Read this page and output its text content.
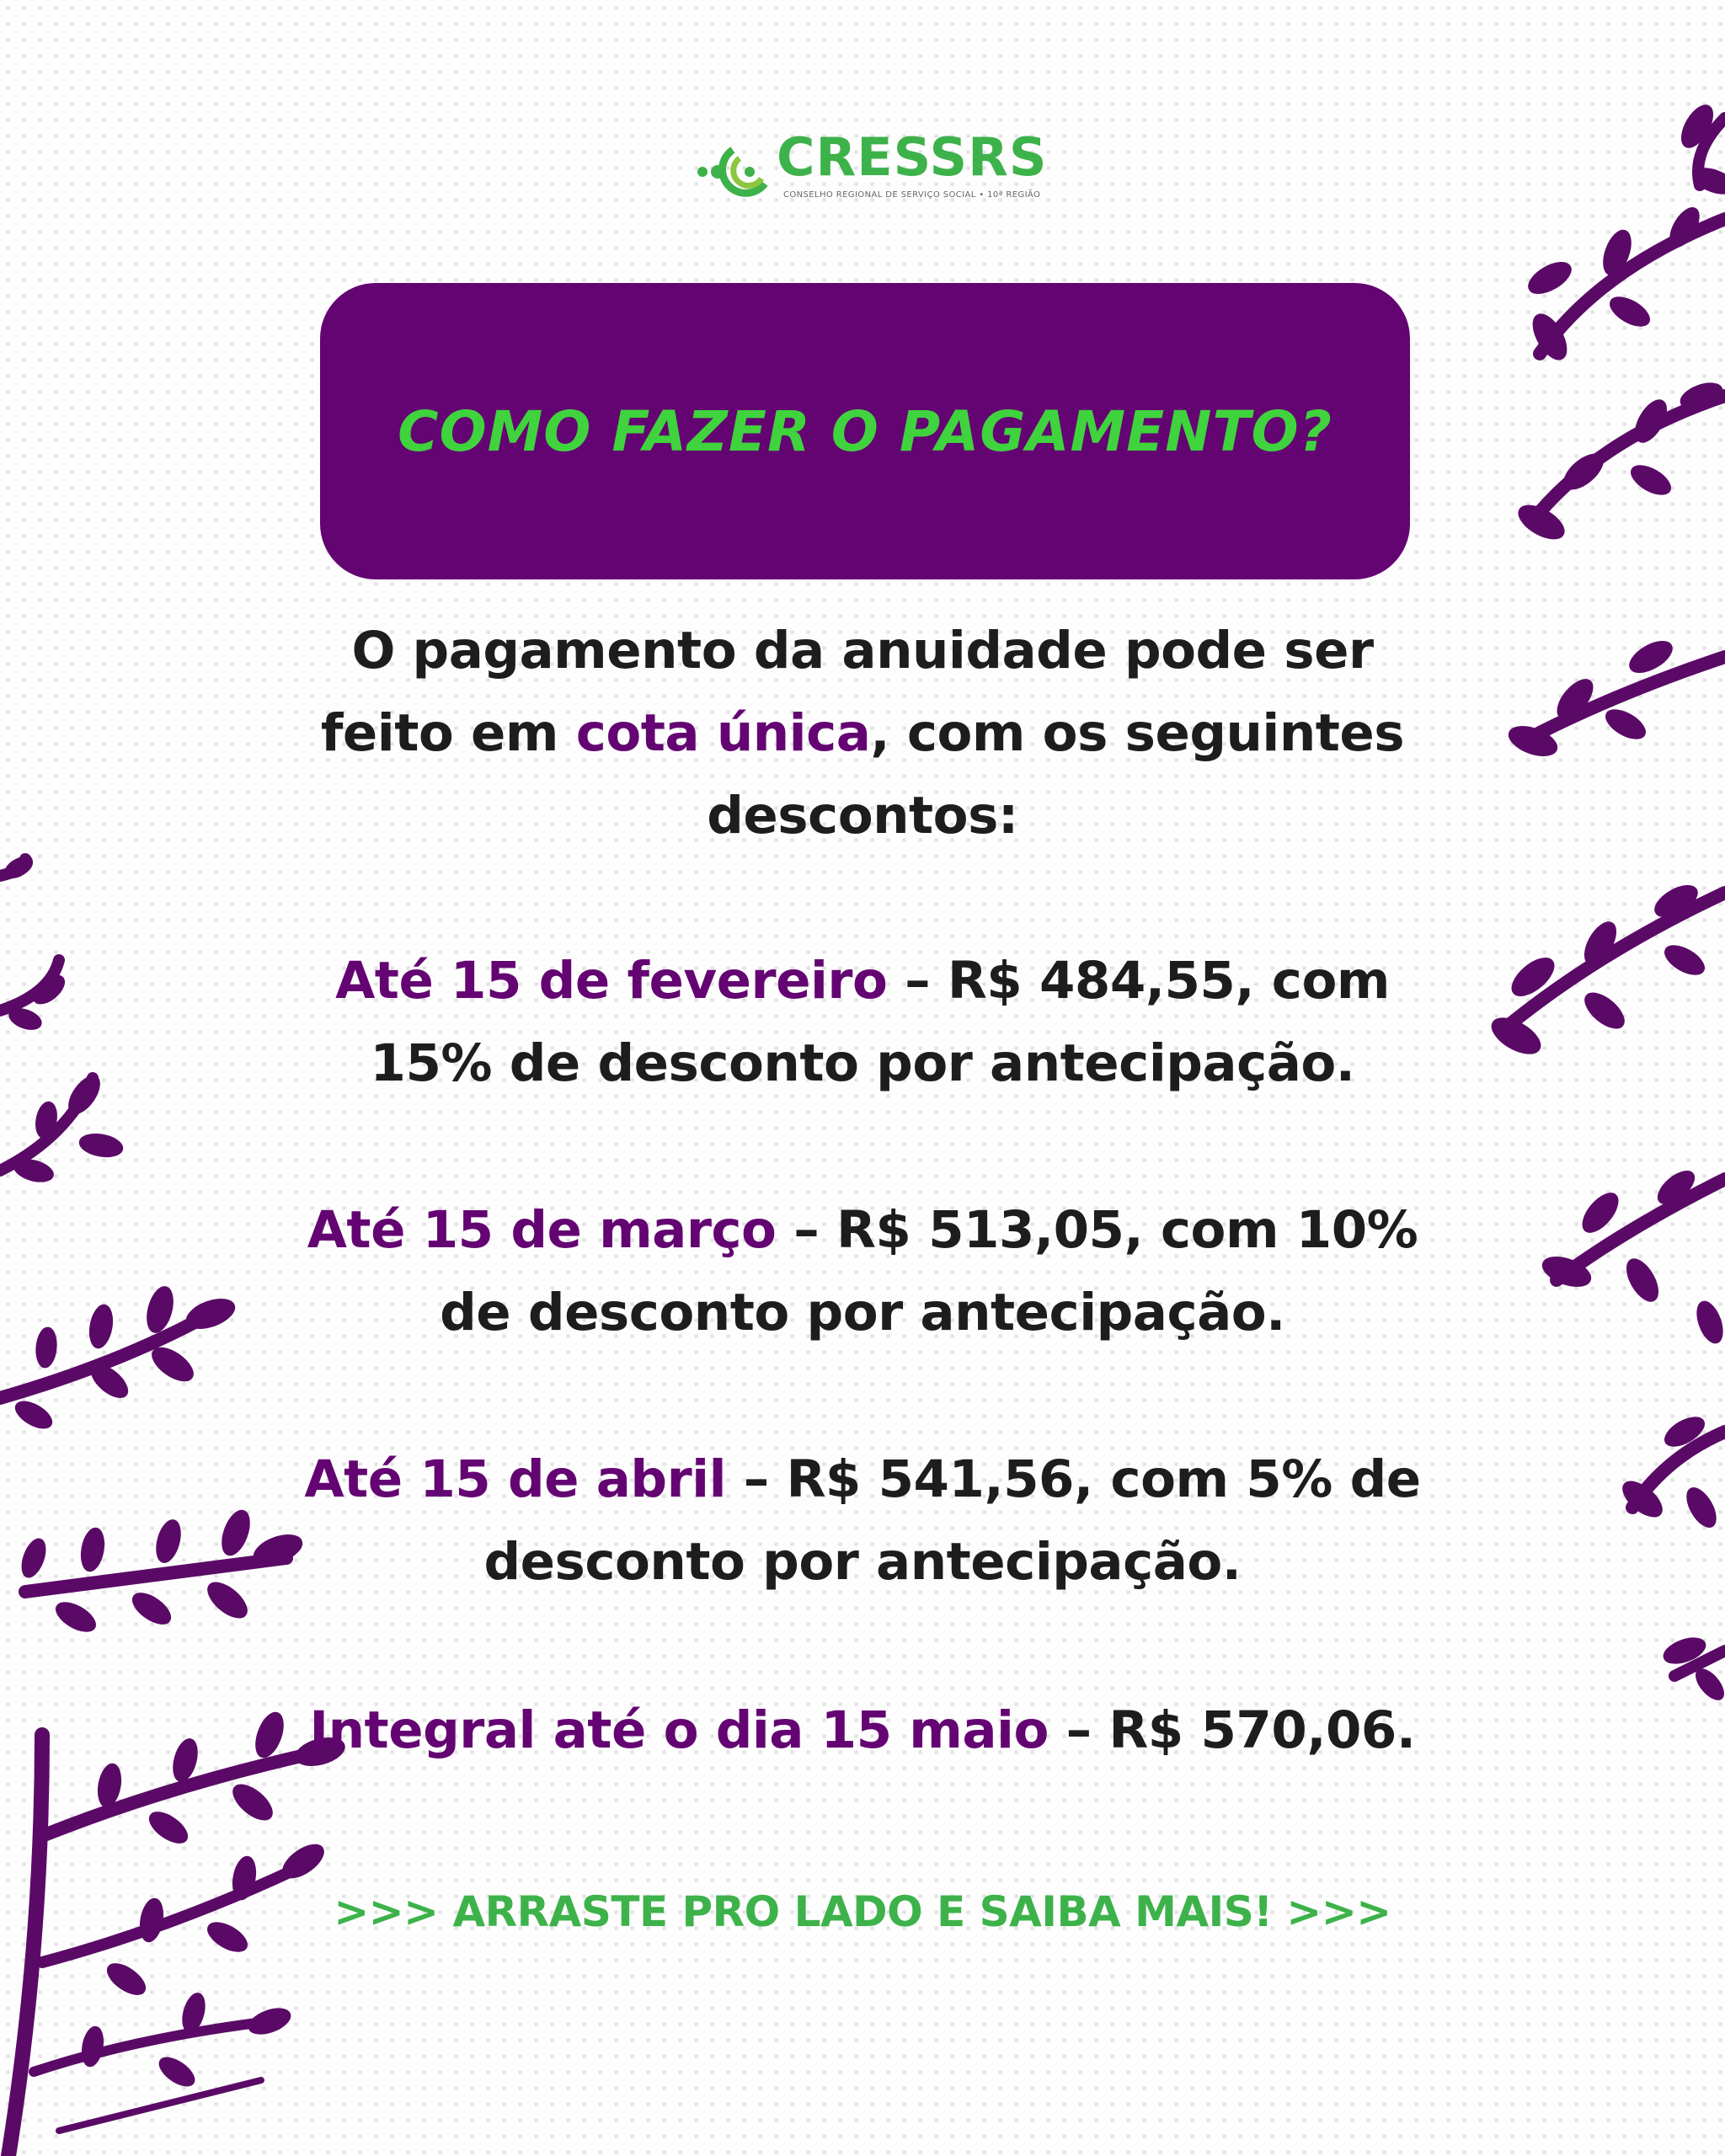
CRESSRS
CONSELHO REGIONAL DE SERVIÇO SOCIAL • 10ª REGIÃO
COMO FAZER O PAGAMENTO?
O pagamento da anuidade pode ser
feito em cota única, com os seguintes
descontos:
Até 15 de fevereiro – R$ 484,55, com
15% de desconto por antecipação.
Até 15 de março – R$ 513,05, com 10%
de desconto por antecipação.
Até 15 de abril – R$ 541,56, com 5% de
desconto por antecipação.
Integral até o dia 15 maio – R$ 570,06.
>>> ARRASTE PRO LADO E SAIBA MAIS! >>>
